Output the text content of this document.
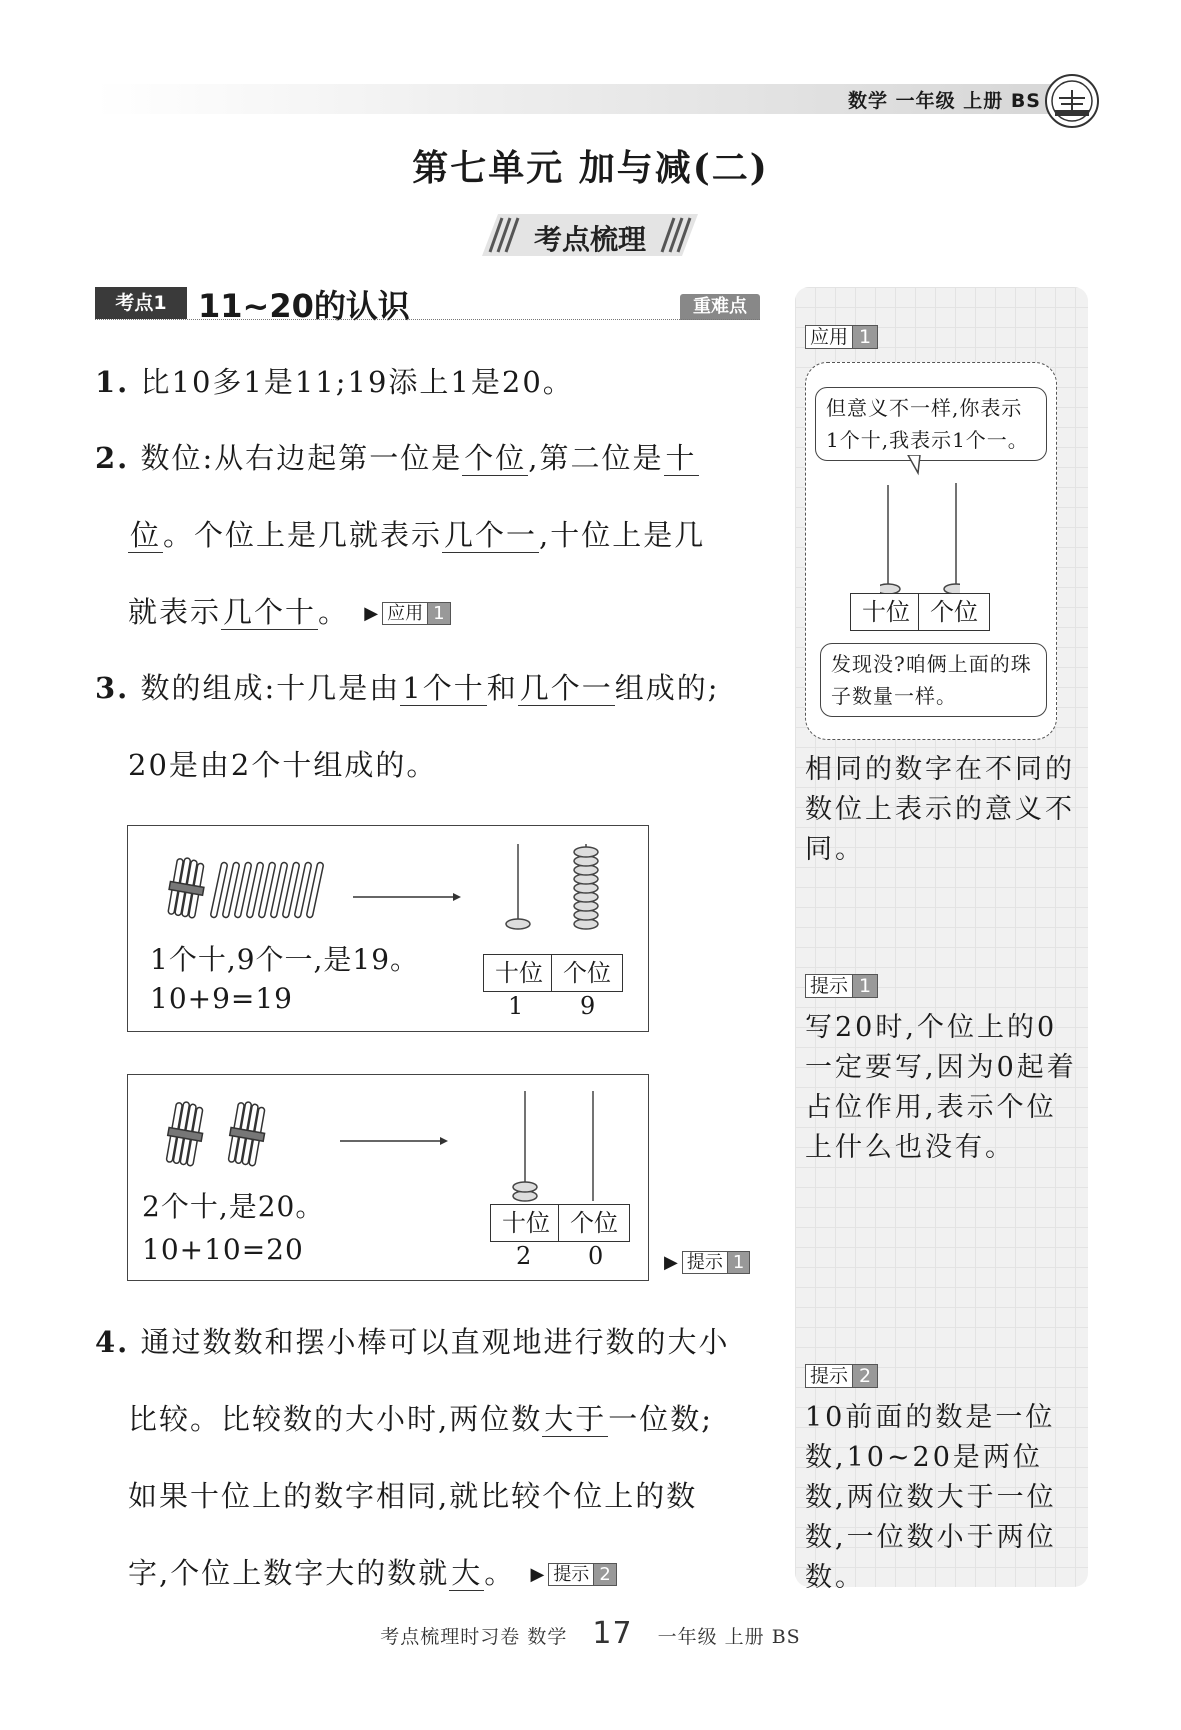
数学 一年级 上册 BS
第七单元 加与减(二)
考点梳理
考点1 11~20的认识	重难点
1. 比10多1是11;19添上1是20。
2. 数位:从右边起第一位是个位,第二位是十
位。个位上是几就表示几个一,十位上是几
就表示几个十。 ▶ 应用 1
3. 数的组成:十几是由1个十和几个一组成的;
20是由2个十组成的。
1个十,9个一,是19。
10+9=19
十位 个位
1 9
2个十,是20。
10+10=20
十位 个位
2 0	▶ 提示 1
4. 通过数数和摆小棒可以直观地进行数的大小
比较。比较数的大小时,两位数大于一位数;
如果十位上的数字相同,就比较个位上的数
字,个位上数字大的数就大。 ▶ 提示 2
应用 1
但意义不一样,你表示1个十,我表示1个一。
十位 个位
发现没?咱俩上面的珠子数量一样。
相同的数字在不同的数位上表示的意义不同。
提示 1
写20时,个位上的0一定要写,因为0起着占位作用,表示个位上什么也没有。
提示 2
10前面的数是一位数,10~20是两位数,两位数大于一位数,一位数小于两位数。
考点梳理时习卷 数学 17 一年级 上册 BS
